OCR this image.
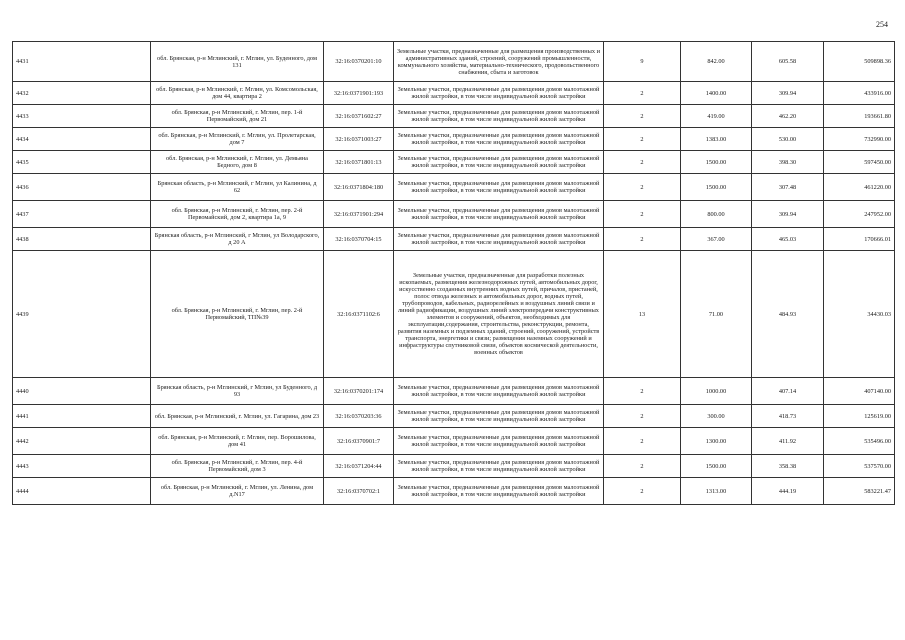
254
4431	обл. Брянская, р-н Мглинский, г. Мглин, ул. Буденного, дом 131	32:16:0370201:10	Земельные участки, предназначенные для размещения производственных и административных зданий, строений, сооружений промышленности, коммунального хозяйства, материально-технического, продовольственного снабжения, сбыта и заготовок	9	842.00	605.58	509898.36
4432	обл. Брянская, р-н Мглинский, г. Мглин, ул. Комсомольская, дом 44, квартира 2	32:16:0371901:193	Земельные участки, предназначенные для размещения домов малоэтажной жилой застройки, в том числе индивидуальной жилой застройки	2	1400.00	309.94	433916.00
4433	обл. Брянская, р-н Мглинский, г. Мглин, пер. 1-й Первомайский, дом 21	32:16:0371602:27	Земельные участки, предназначенные для размещения домов малоэтажной жилой застройки, в том числе индивидуальной жилой застройки	2	419.00	462.20	193661.80
4434	обл. Брянская, р-н Мглинский, г. Мглин, ул. Пролетарская, дом 7	32:16:0371003:27	Земельные участки, предназначенные для размещения домов малоэтажной жилой застройки, в том числе индивидуальной жилой застройки	2	1383.00	530.00	732990.00
4435	обл. Брянская, р-н Мглинский, г. Мглин, ул. Демьяна Бедного, дом 8	32:16:0371801:13	Земельные участки, предназначенные для размещения домов малоэтажной жилой застройки, в том числе индивидуальной жилой застройки	2	1500.00	398.30	597450.00
4436	Брянская область, р-н Мглинский, г Мглин, ул Калинина, д 62	32:16:0371804:180	Земельные участки, предназначенные для размещения домов малоэтажной жилой застройки, в том числе индивидуальной жилой застройки	2	1500.00	307.48	461220.00
4437	обл. Брянская, р-н Мглинский, г. Мглин, пер. 2-й Первомайский, дом 2, квартира 1а, 9	32:16:0371901:294	Земельные участки, предназначенные для размещения домов малоэтажной жилой застройки, в том числе индивидуальной жилой застройки	2	800.00	309.94	247952.00
4438	Брянская область, р-н Мглинский, г Мглин, ул Володарского, д 20 А	32:16:0370704:15	Земельные участки, предназначенные для размещения домов малоэтажной жилой застройки, в том числе индивидуальной жилой застройки	2	367.00	465.03	170666.01
4439	обл. Брянская, р-н Мглинский, г. Мглин, пер. 2-й Первомайский, ТП№39	32:16:0371102:6	Земельные участки, предназначенные для разработки полезных ископаемых, размещения железнодорожных путей, автомобильных дорог, искусственно созданных внутренних водных путей, причалов, пристаней, полос отвода железных и автомобильных дорог, водных путей, трубопроводов, кабельных, радиорелейных и воздушных линий связи и линий радиофикации, воздушных линий электропередачи конструктивных элементов и сооружений, объектов, необходимых для эксплуатации,содержания, строительства, реконструкции, ремонта, развития наземных и подземных зданий, строений, сооружений, устройств транспорта, энергетики и связи; размещения наземных сооружений и инфраструктуры спутниковой связи, объектов космической деятельности, военных объектов	13	71.00	484.93	34430.03
4440	Брянская область, р-н Мглинский, г Мглин, ул Буденного, д 93	32:16:0370201:174	Земельные участки, предназначенные для размещения домов малоэтажной жилой застройки, в том числе индивидуальной жилой застройки	2	1000.00	407.14	407140.00
4441	обл. Брянская, р-н Мглинский, г. Мглин, ул. Гагарина, дом 23	32:16:0370203:36	Земельные участки, предназначенные для размещения домов малоэтажной жилой застройки, в том числе индивидуальной жилой застройки	2	300.00	418.73	125619.00
4442	обл. Брянская, р-н Мглинский, г. Мглин, пер. Ворошилова, дом 41	32:16:0370901:7	Земельные участки, предназначенные для размещения домов малоэтажной жилой застройки, в том числе индивидуальной жилой застройки	2	1300.00	411.92	535496.00
4443	обл. Брянская, р-н Мглинский, г. Мглин, пер. 4-й Первомайский, дом 3	32:16:0371204:44	Земельные участки, предназначенные для размещения домов малоэтажной жилой застройки, в том числе индивидуальной жилой застройки	2	1500.00	358.38	537570.00
4444	обл. Брянская, р-н Мглинский, г. Мглин, ул. Ленина, дом д.N17	32:16:0370702:1	Земельные участки, предназначенные для размещения домов малоэтажной жилой застройки, в том числе индивидуальной жилой застройки	2	1313.00	444.19	583221.47
